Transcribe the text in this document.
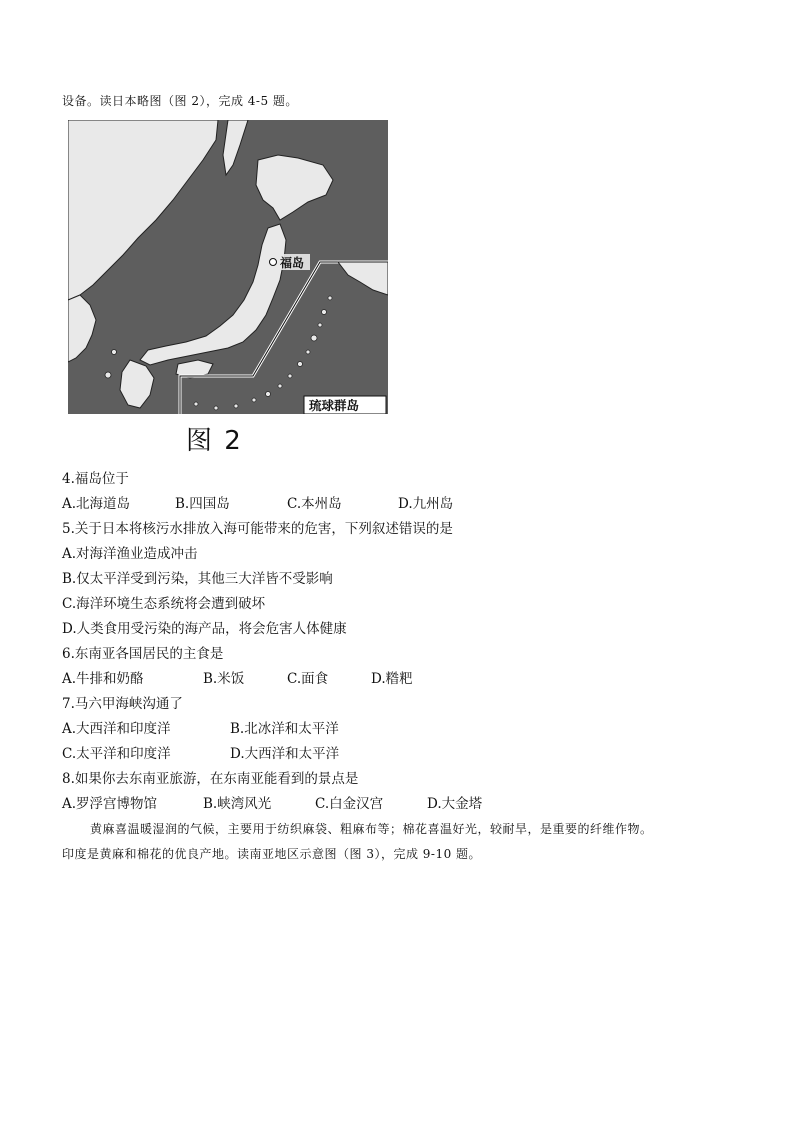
设备。读日本略图（图 2），完成 4-5 题。
福岛
琉球群岛
图 2
4.福岛位于
A.北海道岛	B.四国岛	C.本州岛	D.九州岛
5.关于日本将核污水排放入海可能带来的危害，下列叙述错误的是
A.对海洋渔业造成冲击
B.仅太平洋受到污染，其他三大洋皆不受影响
C.海洋环境生态系统将会遭到破坏
D.人类食用受污染的海产品，将会危害人体健康
6.东南亚各国居民的主食是
A.牛排和奶酪	B.米饭	C.面食	D.糌粑
7.马六甲海峡沟通了
A.大西洋和印度洋	B.北冰洋和太平洋
C.太平洋和印度洋	D.大西洋和太平洋
8.如果你去东南亚旅游，在东南亚能看到的景点是
A.罗浮宫博物馆	B.峡湾风光	C.白金汉宫	D.大金塔
黄麻喜温暖湿润的气候，主要用于纺织麻袋、粗麻布等；棉花喜温好光，较耐旱，是重要的纤维作物。
印度是黄麻和棉花的优良产地。读南亚地区示意图（图 3），完成 9-10 题。
